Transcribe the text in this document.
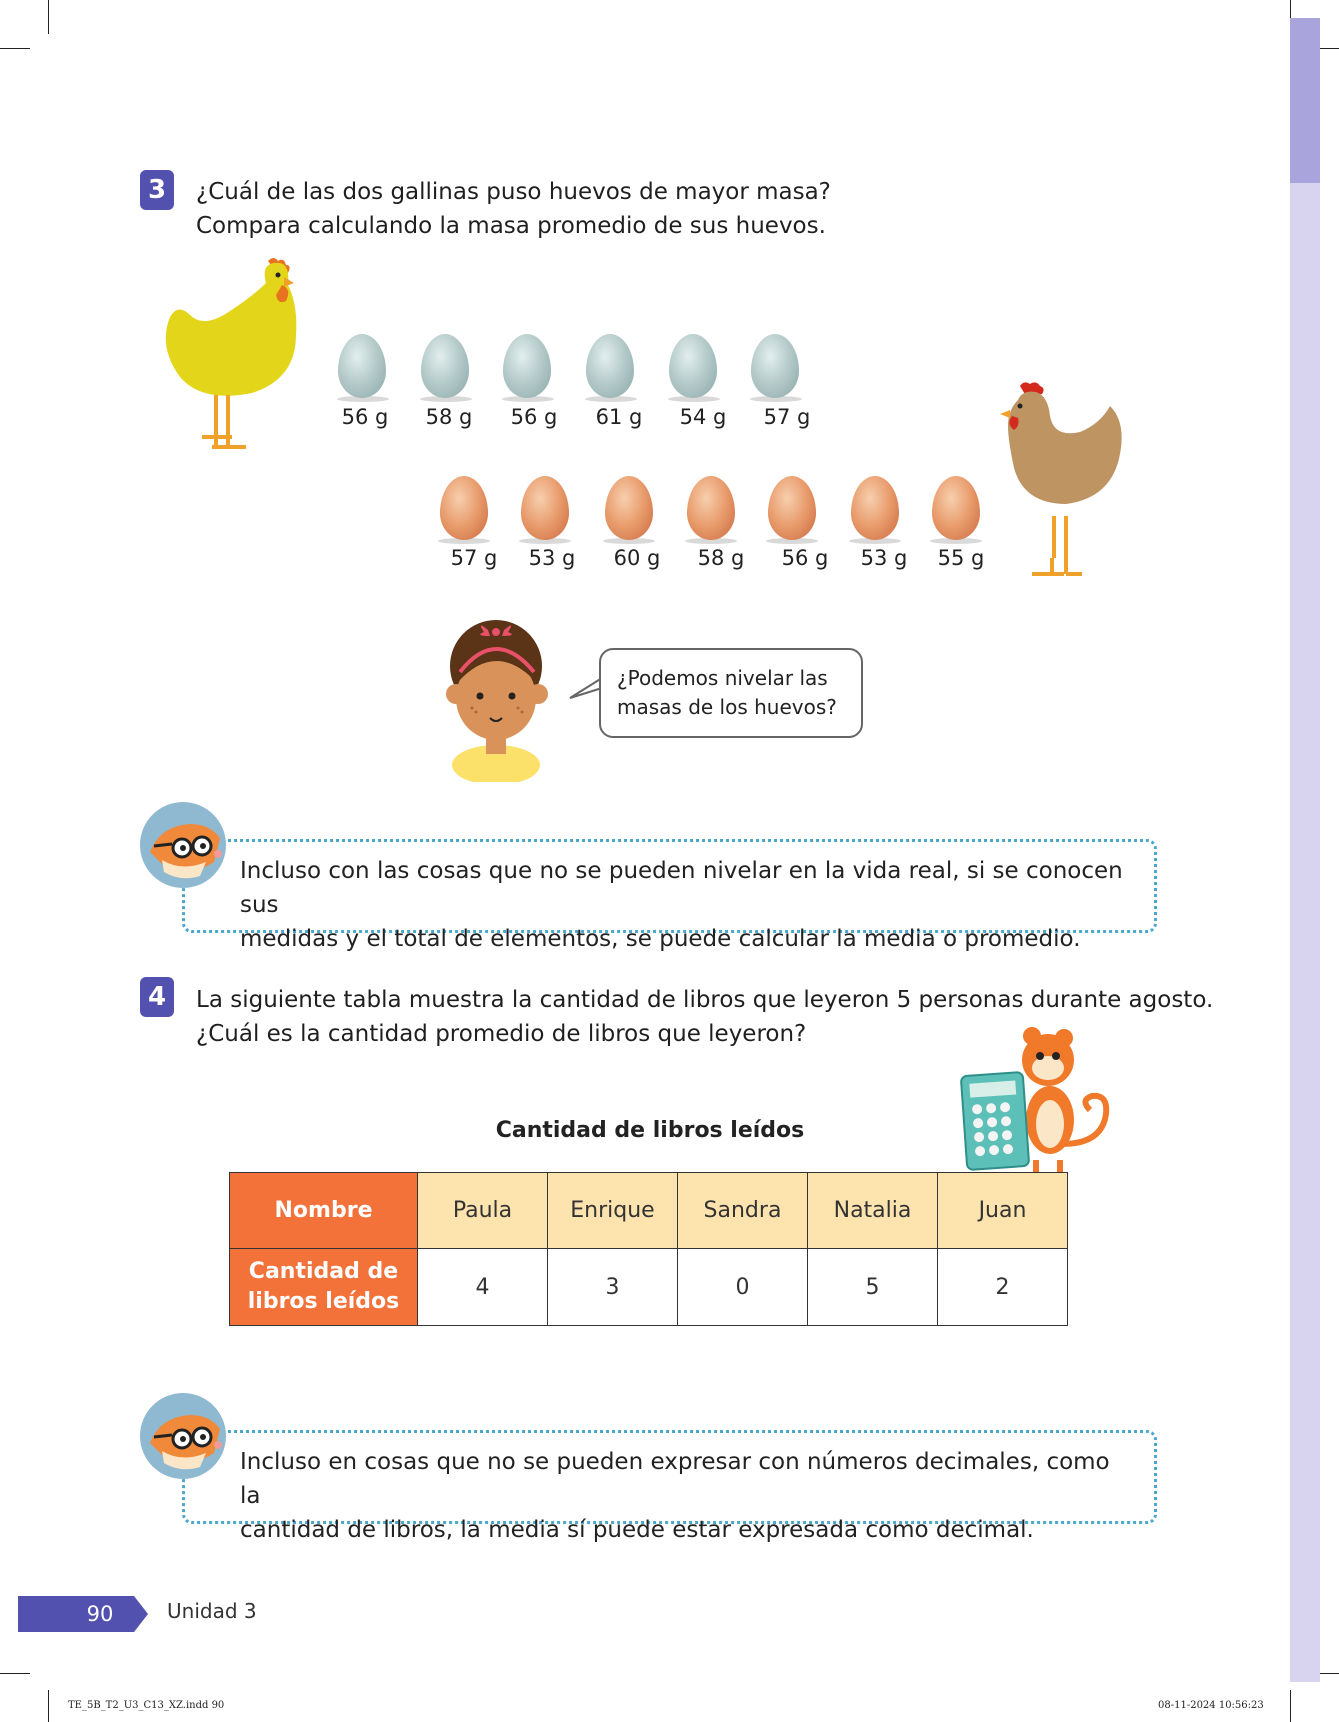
3	¿Cuál de las dos gallinas puso huevos de mayor masa?
Compara calculando la masa promedio de sus huevos.
56 g	58 g	56 g	61 g	54 g	57 g
57 g	53 g	60 g	58 g	56 g	53 g	55 g
¿Podemos nivelar las
masas de los huevos?
Incluso con las cosas que no se pueden nivelar en la vida real, si se conocen sus
medidas y el total de elementos, se puede calcular la media o promedio.
4	La siguiente tabla muestra la cantidad de libros que leyeron 5 personas durante agosto.
¿Cuál es la cantidad promedio de libros que leyeron?
Cantidad de libros leídos
Nombre	Paula	Enrique	Sandra	Natalia	Juan

Cantidad de
libros leídos	4	3	0	5	2
Incluso en cosas que no se pueden expresar con números decimales, como la
cantidad de libros, la media sí puede estar expresada como decimal.
90	Unidad 3
TE_5B_T2_U3_C13_XZ.indd 90	08-11-2024 10:56:23
